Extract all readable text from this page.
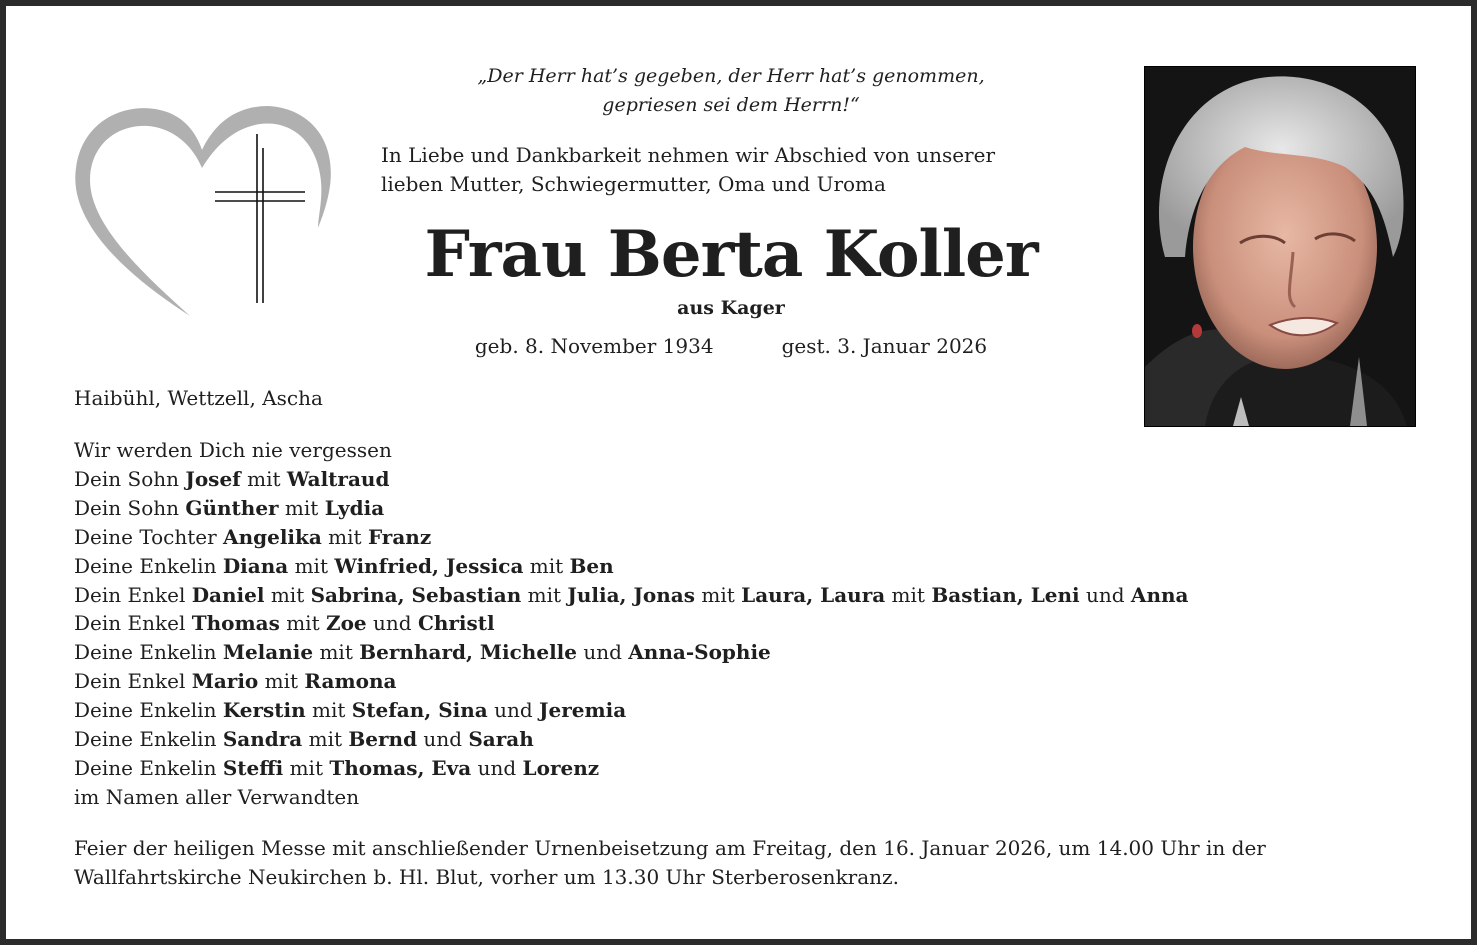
„Der Herr hat’s gegeben, der Herr hat’s genommen,
gepriesen sei dem Herrn!“
In Liebe und Dankbarkeit nehmen wir Abschied von unserer
lieben Mutter, Schwiegermutter, Oma und Uroma
Frau Berta Koller
aus Kager
geb. 8. November 1934	gest. 3. Januar 2026
Haibühl, Wettzell, Ascha
Wir werden Dich nie vergessen
Dein Sohn Josef mit Waltraud
Dein Sohn Günther mit Lydia
Deine Tochter Angelika mit Franz
Deine Enkelin Diana mit Winfried, Jessica mit Ben
Dein Enkel Daniel mit Sabrina, Sebastian mit Julia, Jonas mit Laura, Laura mit Bastian, Leni und Anna
Dein Enkel Thomas mit Zoe und Christl
Deine Enkelin Melanie mit Bernhard, Michelle und Anna-Sophie
Dein Enkel Mario mit Ramona
Deine Enkelin Kerstin mit Stefan, Sina und Jeremia
Deine Enkelin Sandra mit Bernd und Sarah
Deine Enkelin Steffi mit Thomas, Eva und Lorenz
im Namen aller Verwandten
Feier der heiligen Messe mit anschließender Urnenbeisetzung am Freitag, den 16. Januar 2026, um 14.00 Uhr in der
Wallfahrtskirche Neukirchen b. Hl. Blut, vorher um 13.30 Uhr Sterberosenkranz.
